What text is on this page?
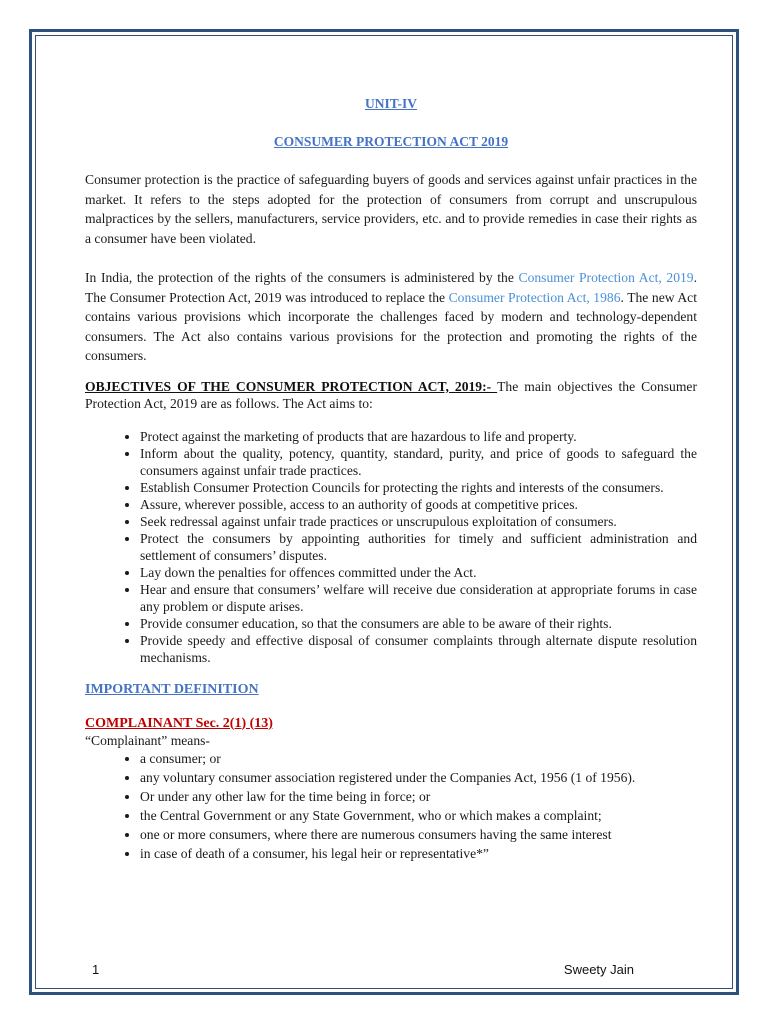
UNIT-IV
CONSUMER PROTECTION ACT 2019

Consumer protection is the practice of safeguarding buyers of goods and services against unfair practices in the market. It refers to the steps adopted for the protection of consumers from corrupt and unscrupulous malpractices by the sellers, manufacturers, service providers, etc. and to provide remedies in case their rights as a consumer have been violated.

In India, the protection of the rights of the consumers is administered by the Consumer Protection Act, 2019. The Consumer Protection Act, 2019 was introduced to replace the Consumer Protection Act, 1986. The new Act contains various provisions which incorporate the challenges faced by modern and technology-dependent consumers. The Act also contains various provisions for the protection and promoting the rights of the consumers.

OBJECTIVES OF THE CONSUMER PROTECTION ACT, 2019:- The main objectives the Consumer Protection Act, 2019 are as follows. The Act aims to:

• Protect against the marketing of products that are hazardous to life and property.
• Inform about the quality, potency, quantity, standard, purity, and price of goods to safeguard the consumers against unfair trade practices.
• Establish Consumer Protection Councils for protecting the rights and interests of the consumers.
• Assure, wherever possible, access to an authority of goods at competitive prices.
• Seek redressal against unfair trade practices or unscrupulous exploitation of consumers.
• Protect the consumers by appointing authorities for timely and sufficient administration and settlement of consumers’ disputes.
• Lay down the penalties for offences committed under the Act.
• Hear and ensure that consumers’ welfare will receive due consideration at appropriate forums in case any problem or dispute arises.
• Provide consumer education, so that the consumers are able to be aware of their rights.
• Provide speedy and effective disposal of consumer complaints through alternate dispute resolution mechanisms.
IMPORTANT DEFINITION
COMPLAINANT Sec. 2(1) (13)
“Complainant” means-
• a consumer; or
• any voluntary consumer association registered under the Companies Act, 1956 (1 of 1956).
• Or under any other law for the time being in force; or
• the Central Government or any State Government, who or which makes a complaint;
• one or more consumers, where there are numerous consumers having the same interest
• in case of death of a consumer, his legal heir or representative*”
1	Sweety Jain
